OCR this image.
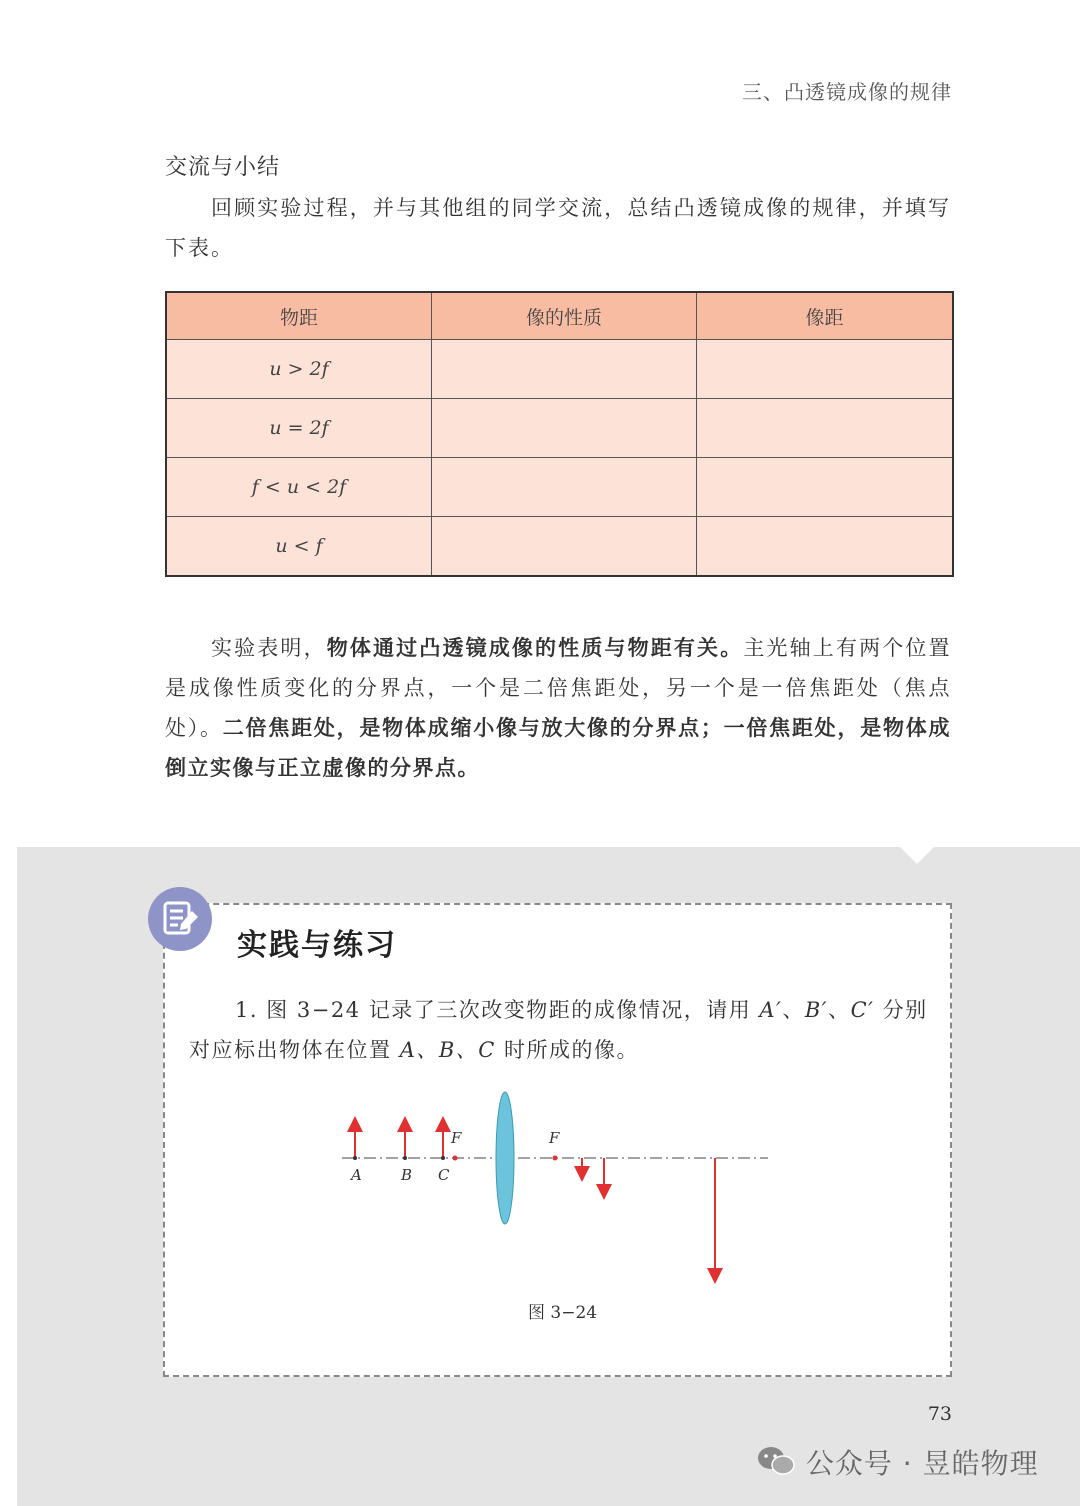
三、凸透镜成像的规律
交流与小结
回顾实验过程，并与其他组的同学交流，总结凸透镜成像的规律，并填写下表。
物距	像的性质	像距
u > 2f		
u = 2f		
f < u < 2f		
u < f		
实验表明，物体通过凸透镜成像的性质与物距有关。主光轴上有两个位置是成像性质变化的分界点，一个是二倍焦距处，另一个是一倍焦距处（焦点处）。二倍焦距处，是物体成缩小像与放大像的分界点；一倍焦距处，是物体成倒立实像与正立虚像的分界点。
实践与练习
1. 图 3−24 记录了三次改变物距的成像情况，请用 A′、B′、C′ 分别对应标出物体在位置 A、B、C 时所成的像。
A	B C
F	F
图 3−24
73
公众号 · 昱皓物理
